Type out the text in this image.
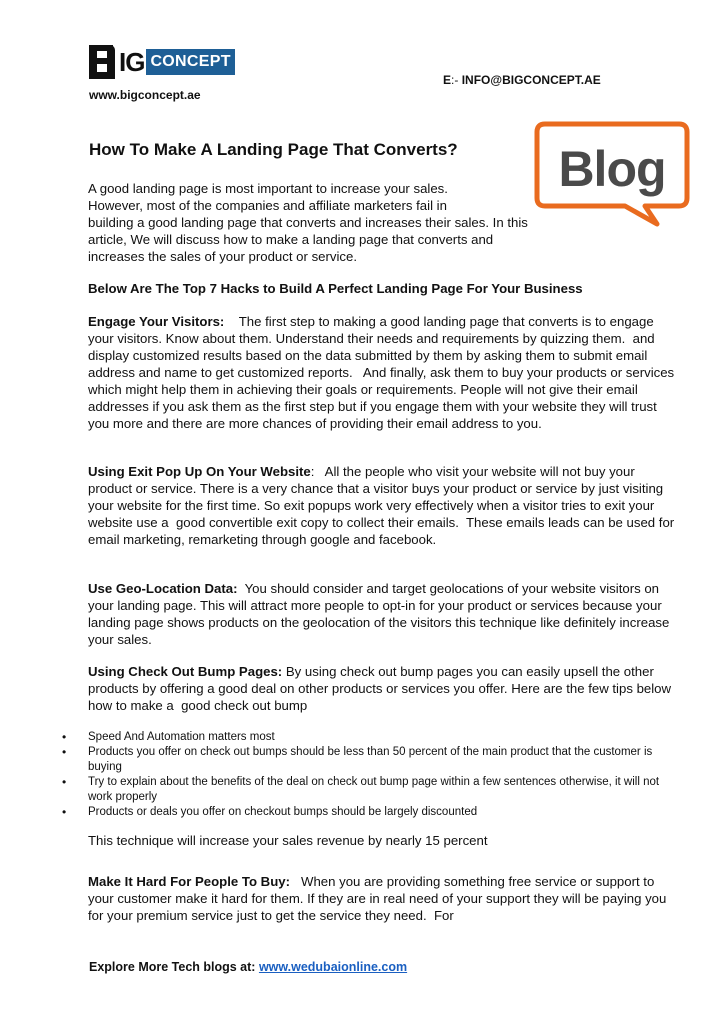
IG CONCEPT
www.bigconcept.ae
E:- INFO@BIGCONCEPT.AE
Blog
How To Make A Landing Page That Converts?

A good landing page is most important to increase your sales.

However, most of the companies and affiliate marketers fail in

building a good landing page that converts and increases their sales. In this

article, We will discuss how to make a landing page that converts and

increases the sales of your product or service.

Below Are The Top 7 Hacks to Build A Perfect Landing Page For Your Business
Engage Your Visitors:    The first step to making a good landing page that converts is to engage your visitors. Know about them. Understand their needs and requirements by quizzing them.  and display customized results based on the data submitted by them by asking them to submit email address and name to get customized reports.   And finally, ask them to buy your products or services which might help them in achieving their goals or requirements. People will not give their email addresses if you ask them as the first step but if you engage them with your website they will trust you more and there are more chances of providing their email address to you.
Using Exit Pop Up On Your Website:   All the people who visit your website will not buy your product or service. There is a very chance that a visitor buys your product or service by just visiting your website for the first time. So exit popups work very effectively when a visitor tries to exit your website use a  good convertible exit copy to collect their emails.  These emails leads can be used for email marketing, remarketing through google and facebook.
Use Geo-Location Data:  You should consider and target geolocations of your website visitors on your landing page. This will attract more people to opt-in for your product or services because your landing page shows products on the geolocation of the visitors this technique like definitely increase your sales.
Using Check Out Bump Pages: By using check out bump pages you can easily upsell the other products by offering a good deal on other products or services you offer. Here are the few tips below how to make a  good check out bump
• Speed And Automation matters most
• Products you offer on check out bumps should be less than 50 percent of the main product that the customer is buying
• Try to explain about the benefits of the deal on check out bump page within a few sentences otherwise, it will not work properly
• Products or deals you offer on checkout bumps should be largely discounted
This technique will increase your sales revenue by nearly 15 percent
Make It Hard For People To Buy:   When you are providing something free service or support to your customer make it hard for them. If they are in real need of your support they will be paying you for your premium service just to get the service they need.  For
Explore More Tech blogs at: www.wedubaionline.com
